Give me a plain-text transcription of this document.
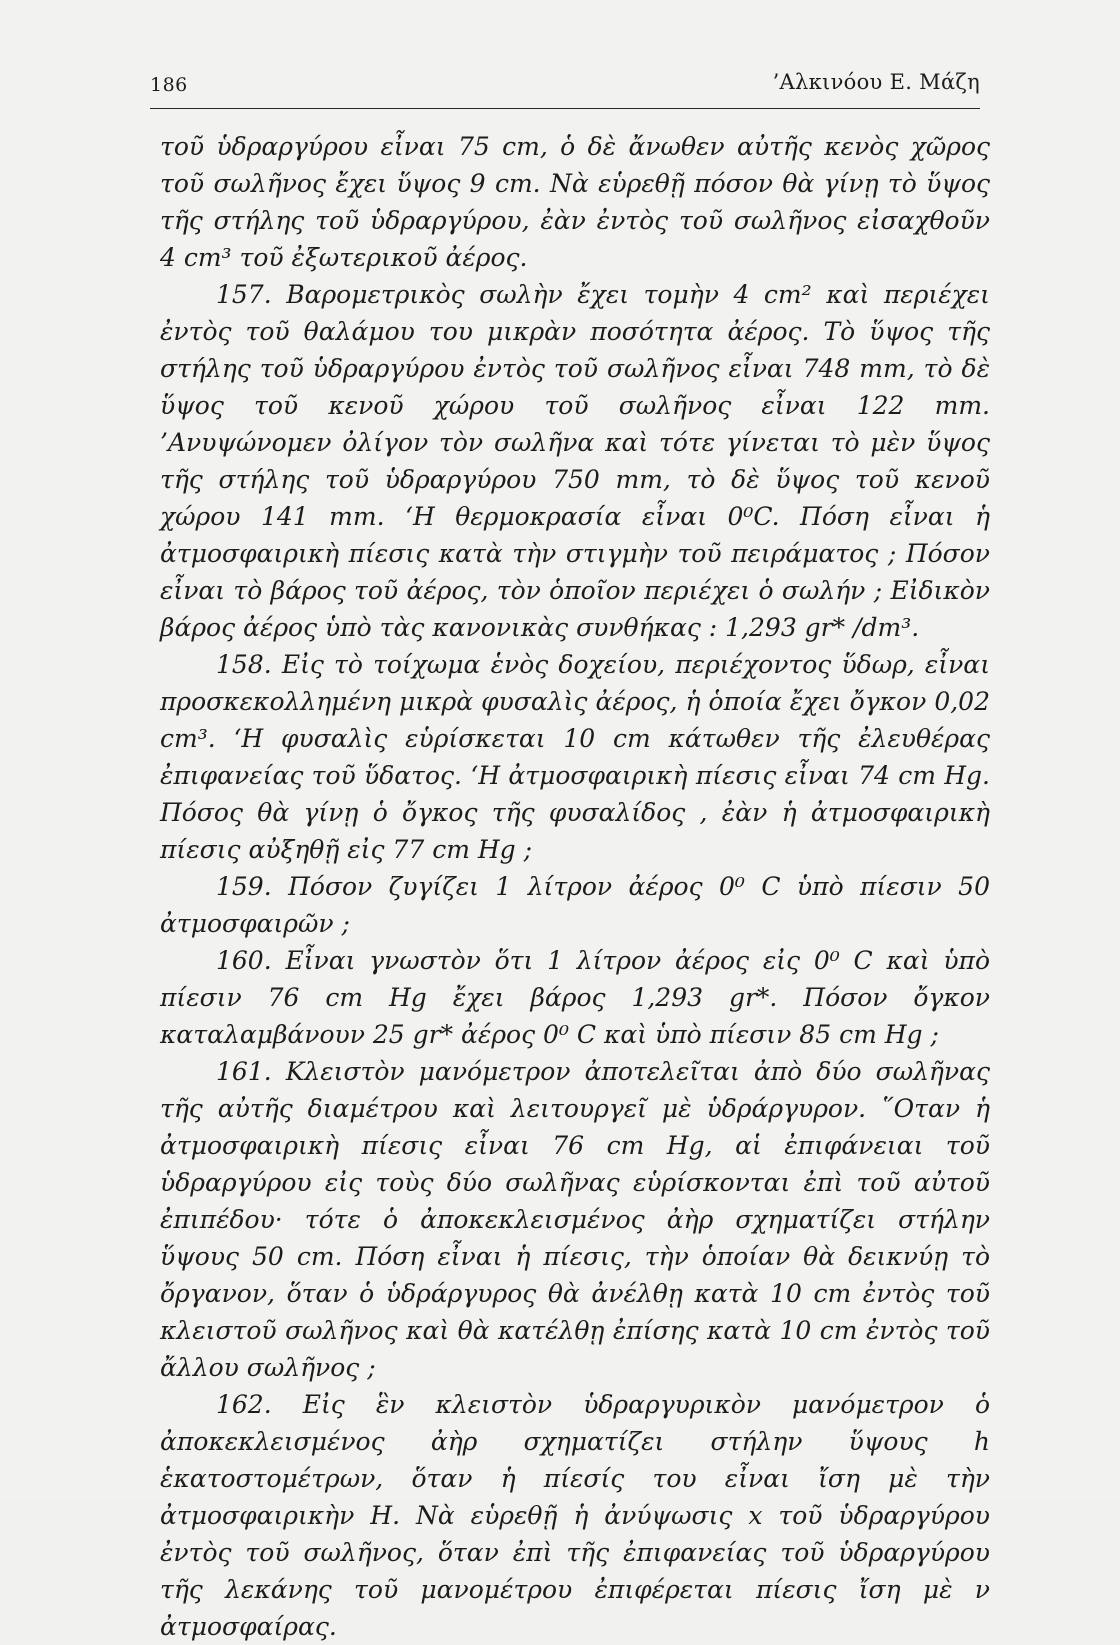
186	’Αλκινόου Ε. Μάζη

τοῦ ὑδραργύρου εἶναι 75 cm, ὁ δὲ ἄνωθεν αὐτῆς κενὸς χῶρος τοῦ σωλῆνος ἔχει ὕψος 9 cm. Νὰ εὑρεθῇ πόσον θὰ γίνῃ τὸ ὕψος τῆς στήλης τοῦ ὑδραργύρου, ἐὰν ἐντὸς τοῦ σωλῆνος εἰσαχθοῦν 4 cm³ τοῦ ἐξωτερικοῦ ἀέρος.

157. Βαρομετρικὸς σωλὴν ἔχει τομὴν 4 cm² καὶ περιέχει ἐντὸς τοῦ θαλάμου του μικρὰν ποσότητα ἀέρος. Τὸ ὕψος τῆς στήλης τοῦ ὑδραργύρου ἐντὸς τοῦ σωλῆνος εἶναι 748 mm, τὸ δὲ ὕψος τοῦ κενοῦ χώρου τοῦ σωλῆνος εἶναι 122 mm. ’Ανυψώνομεν ὀλίγον τὸν σωλῆνα καὶ τότε γίνεται τὸ μὲν ὕψος τῆς στήλης τοῦ ὑδραργύρου 750 mm, τὸ δὲ ὕψος τοῦ κενοῦ χώρου 141 mm. ‘Η θερμοκρασία εἶναι 0⁰C. Πόση εἶναι ἡ ἀτμοσφαιρικὴ πίεσις κατὰ τὴν στιγμὴν τοῦ πειράματος ; Πόσον εἶναι τὸ βάρος τοῦ ἀέρος, τὸν ὁποῖον περιέχει ὁ σωλήν ; Εἰδικὸν βάρος ἀέρος ὑπὸ τὰς κανονικὰς συνθήκας : 1,293 gr* /dm³.

158. Εἰς τὸ τοίχωμα ἑνὸς δοχείου, περιέχοντος ὕδωρ, εἶναι προσκεκολλημένη μικρὰ φυσαλὶς ἀέρος, ἡ ὁποία ἔχει ὄγκον 0,02 cm³. ‘Η φυσαλὶς εὑρίσκεται 10 cm κάτωθεν τῆς ἐλευθέρας ἐπιφανείας τοῦ ὕδατος. ‘Η ἀτμοσφαιρικὴ πίεσις εἶναι 74 cm Hg. Πόσος θὰ γίνῃ ὁ ὄγκος τῆς φυσαλίδος , ἐὰν ἡ ἀτμοσφαιρικὴ πίεσις αὐξηθῇ εἰς 77 cm Hg ;

159. Πόσον ζυγίζει 1 λίτρον ἀέρος 0⁰ C ὑπὸ πίεσιν 50 ἀτμοσφαιρῶν ;

160. Εἶναι γνωστὸν ὅτι 1 λίτρον ἀέρος εἰς 0⁰ C καὶ ὑπὸ πίεσιν 76 cm Hg ἔχει βάρος 1,293 gr*. Πόσον ὄγκον καταλαμβάνουν 25 gr* ἀέρος 0⁰ C καὶ ὑπὸ πίεσιν 85 cm Hg ;

161. Κλειστὸν μανόμετρον ἀποτελεῖται ἀπὸ δύο σωλῆνας τῆς αὐτῆς διαμέτρου καὶ λειτουργεῖ μὲ ὑδράργυρον. ῞Οταν ἡ ἀτμοσφαιρικὴ πίεσις εἶναι 76 cm Hg, αἱ ἐπιφάνειαι τοῦ ὑδραργύρου εἰς τοὺς δύο σωλῆνας εὑρίσκονται ἐπὶ τοῦ αὐτοῦ ἐπιπέδου· τότε ὁ ἀποκεκλεισμένος ἀὴρ σχηματίζει στήλην ὕψους 50 cm. Πόση εἶναι ἡ πίεσις, τὴν ὁποίαν θὰ δεικνύῃ τὸ ὄργανον, ὅταν ὁ ὑδράργυρος θὰ ἀνέλθῃ κατὰ 10 cm ἐντὸς τοῦ κλειστοῦ σωλῆνος καὶ θὰ κατέλθῃ ἐπίσης κατὰ 10 cm ἐντὸς τοῦ ἄλλου σωλῆνος ;

162. Εἰς ἓν κλειστὸν ὑδραργυρικὸν μανόμετρον ὁ ἀποκεκλεισμένος ἀὴρ σχηματίζει στήλην ὕψους h ἑκατοστομέτρων, ὅταν ἡ πίεσίς του εἶναι ἴση μὲ τὴν ἀτμοσφαιρικὴν Η. Νὰ εὑρεθῇ ἡ ἀνύψωσις x τοῦ ὑδραργύρου ἐντὸς τοῦ σωλῆνος, ὅταν ἐπὶ τῆς ἐπιφανείας τοῦ ὑδραργύρου τῆς λεκάνης τοῦ μανομέτρου ἐπιφέρεται πίεσις ἴση μὲ ν ἀτμοσφαίρας.
